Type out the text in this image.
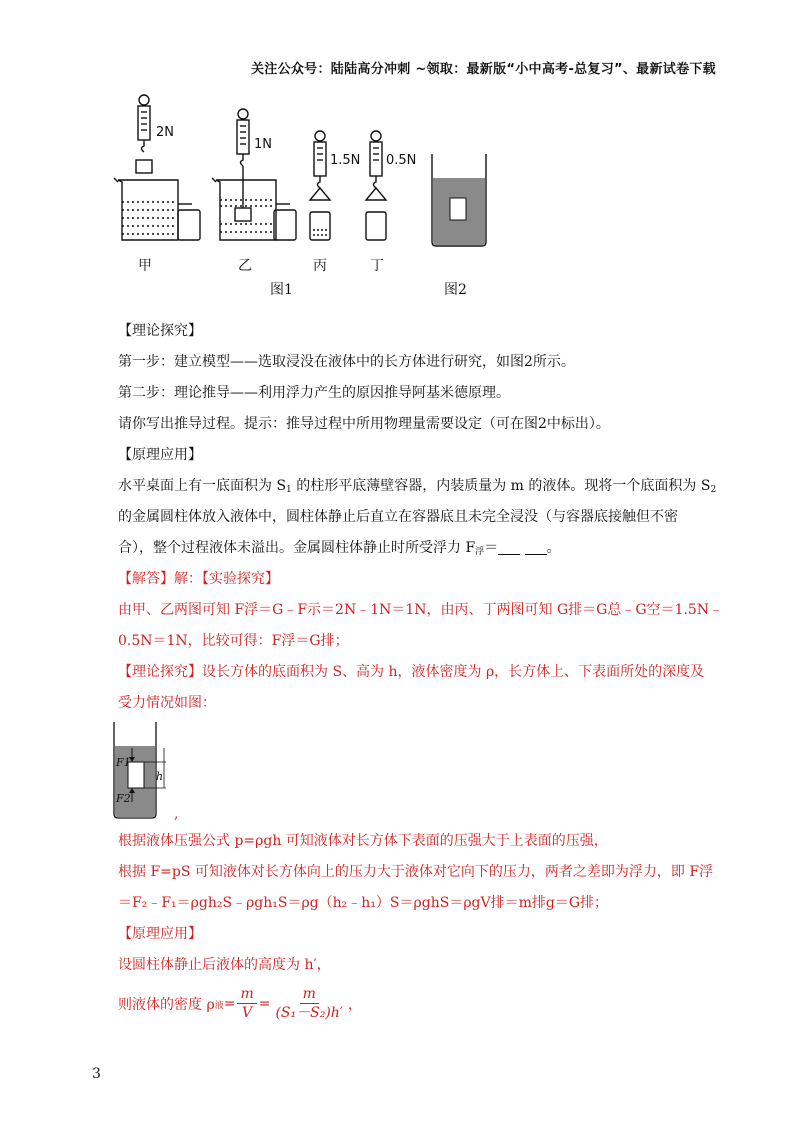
关注公众号：陆陆高分冲刺 ~领取：最新版“小中高考-总复习”、最新试卷下载
2N
1N
1.5N 0.5N
甲	乙	丙	丁
图1	图2
【理论探究】
第一步：建立模型——选取浸没在液体中的长方体进行研究，如图2所示。
第二步：理论推导——利用浮力产生的原因推导阿基米德原理。
请你写出推导过程。提示：推导过程中所用物理量需要设定（可在图2中标出）。
【原理应用】
水平桌面上有一底面积为 $S_1$ 的柱形平底薄壁容器，内装质量为 m 的液体。现将一个底面积为 $S_2$
的金属圆柱体放入液体中，圆柱体静止后直立在容器底且未完全浸没（与容器底接触但不密
合），整个过程液体未溢出。金属圆柱体静止时所受浮力 $F_浮=$	。
【解答】解：【实验探究】
由甲、乙两图可知 F浮＝G﹣F示＝2N﹣1N＝1N，由丙、丁两图可知 G排＝G总﹣G空＝1.5N﹣
0.5N＝1N，比较可得：F浮＝G排；
【理论探究】设长方体的底面积为 S、高为 h，液体密度为 ρ，长方体上、下表面所处的深度及
受力情况如图：
F1
F2
h
,
根据液体压强公式 p=ρgh 可知液体对长方体下表面的压强大于上表面的压强，
根据 F=pS 可知液体对长方体向上的压力大于液体对它向下的压力，两者之差即为浮力，即 F浮
＝F₂﹣F₁＝ρgh₂S﹣ρgh₁S＝ρg（h₂﹣h₁）S＝ρghS＝ρgV排＝m排g＝G排；
【原理应用】
设圆柱体静止后液体的高度为 h′，
则液体的密度 ρ 液 = $\frac{m}{V} = \frac{m}{\text{(S₁－S₂)h′}}$ ，
3
